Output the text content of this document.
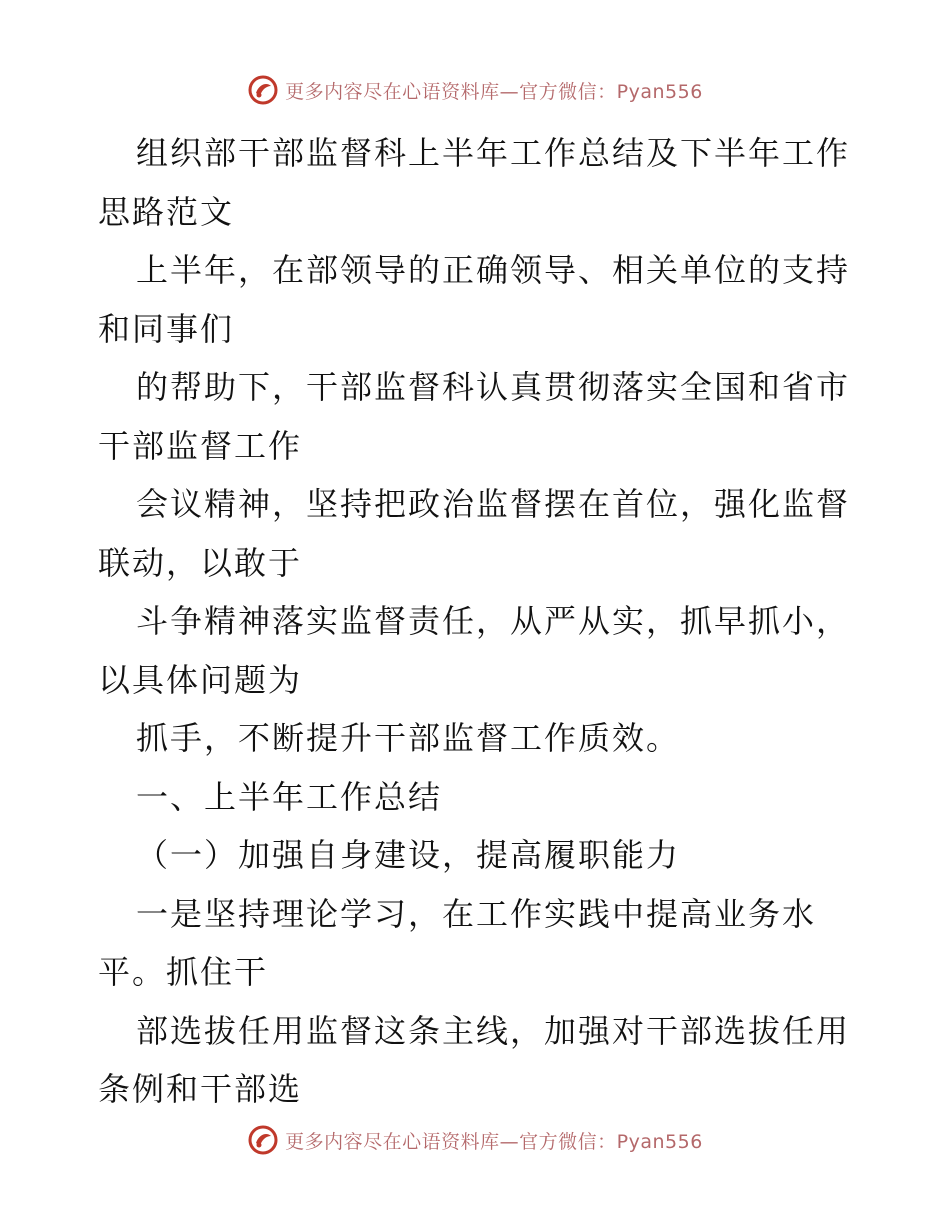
更多内容尽在心语资料库—官方微信：Pyan556
组织部干部监督科上半年工作总结及下半年工作
思路范文
上半年，在部领导的正确领导、相关单位的支持
和同事们
的帮助下，干部监督科认真贯彻落实全国和省市
干部监督工作
会议精神，坚持把政治监督摆在首位，强化监督
联动，以敢于
斗争精神落实监督责任，从严从实，抓早抓小，
以具体问题为
抓手，不断提升干部监督工作质效。
一、上半年工作总结
（一）加强自身建设，提高履职能力
一是坚持理论学习，在工作实践中提高业务水
平。抓住干
部选拔任用监督这条主线，加强对干部选拔任用
条例和干部选
更多内容尽在心语资料库—官方微信：Pyan556
